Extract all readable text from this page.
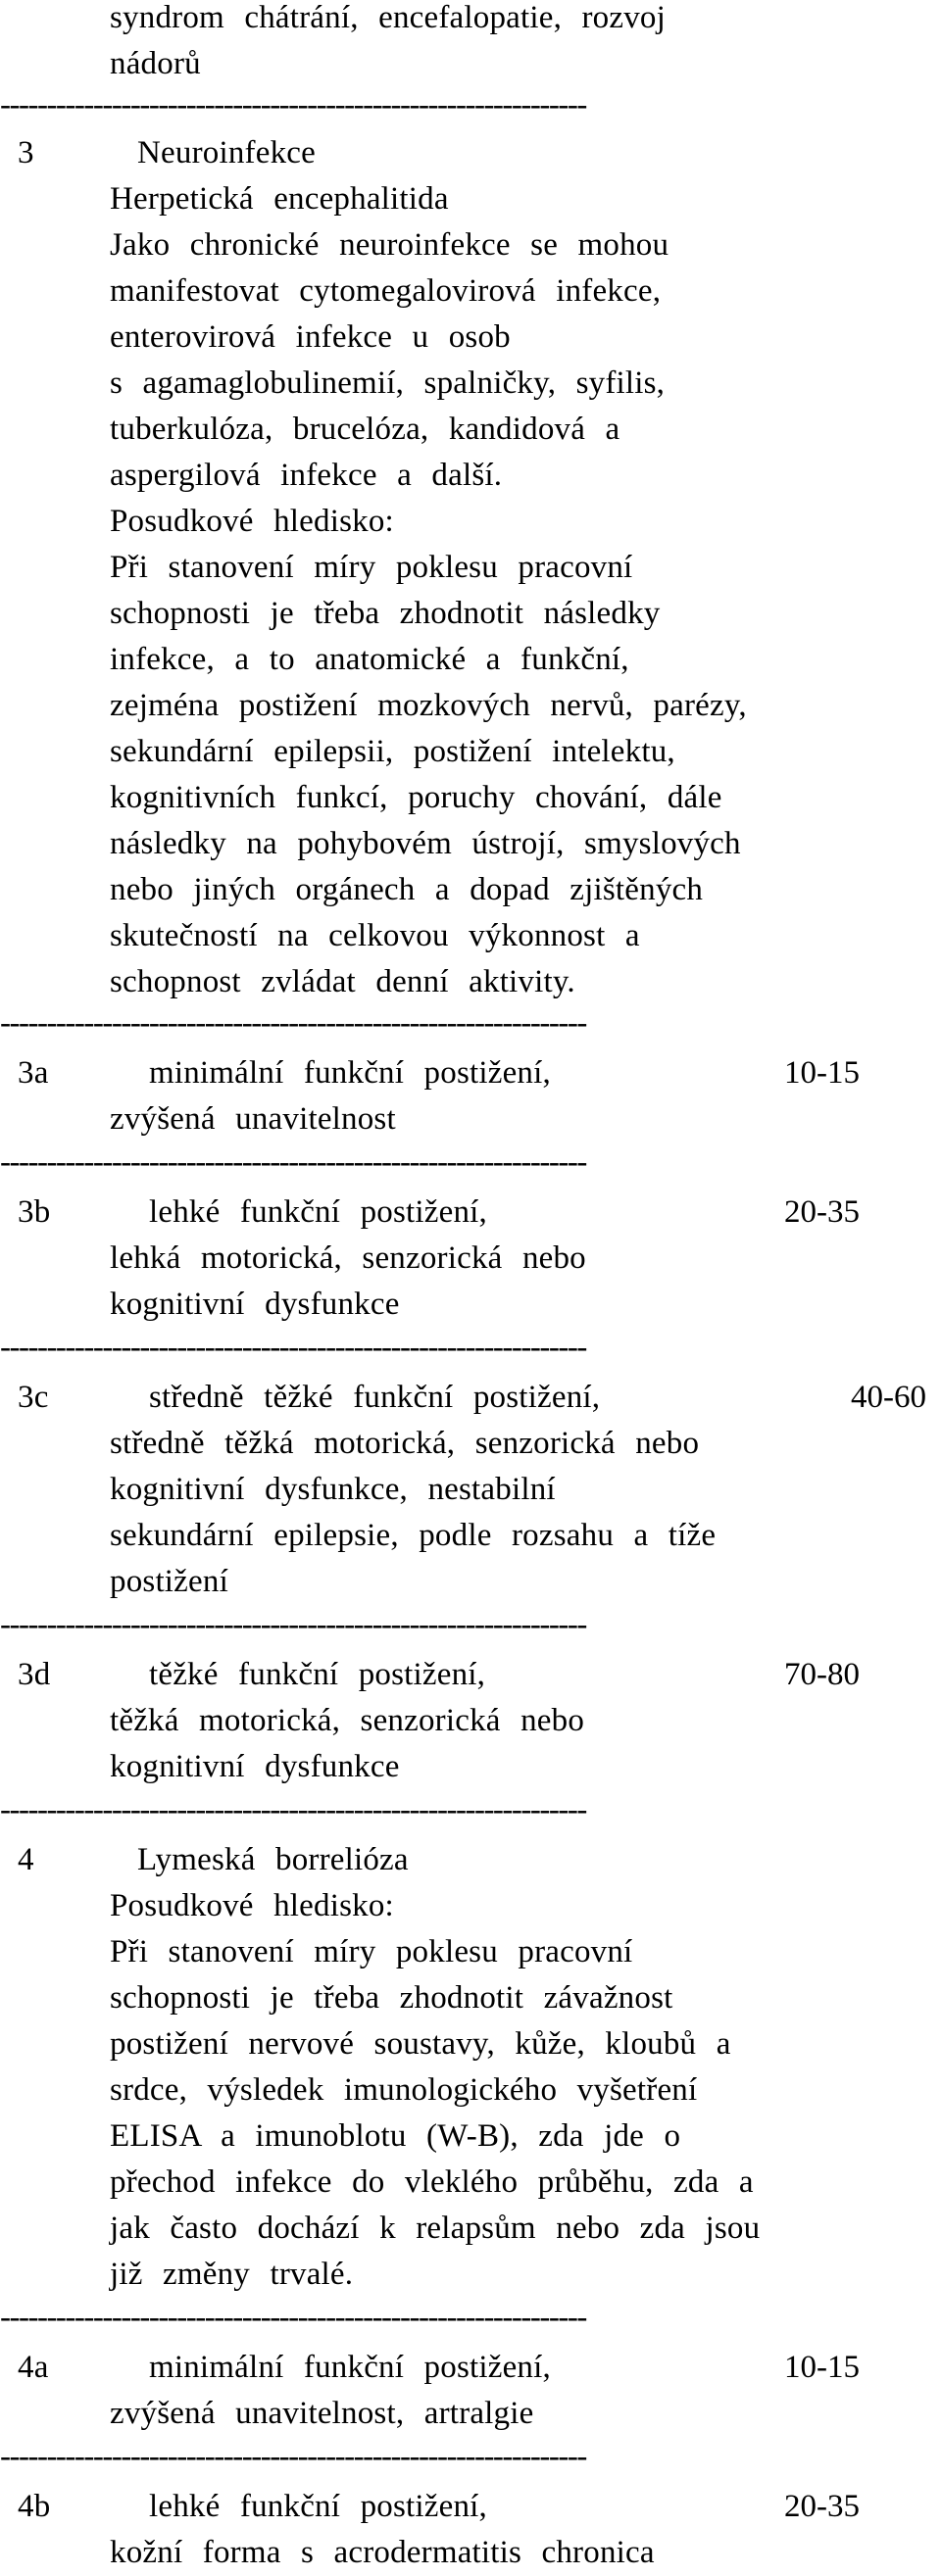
syndrom chátrání, encefalopatie, rozvoj
nádorů
---------------------------------------------------------------
3	Neuroinfekce
Herpetická encephalitida
Jako chronické neuroinfekce se mohou
manifestovat cytomegalovirová infekce,
enterovirová infekce u osob
s agamaglobulinemií, spalničky, syfilis,
tuberkulóza, brucelóza, kandidová a
aspergilová infekce a další.
Posudkové hledisko:
Při stanovení míry poklesu pracovní
schopnosti je třeba zhodnotit následky
infekce, a to anatomické a funkční,
zejména postižení mozkových nervů, parézy,
sekundární epilepsii, postižení intelektu,
kognitivních funkcí, poruchy chování, dále
následky na pohybovém ústrojí, smyslových
nebo jiných orgánech a dopad zjištěných
skutečností na celkovou výkonnost a
schopnost zvládat denní aktivity.
---------------------------------------------------------------
3a	minimální funkční postižení,	10-15
zvýšená unavitelnost
---------------------------------------------------------------
3b	lehké funkční postižení,	20-35
lehká motorická, senzorická nebo
kognitivní dysfunkce
---------------------------------------------------------------
3c	středně těžké funkční postižení,	40-60
středně těžká motorická, senzorická nebo
kognitivní dysfunkce, nestabilní
sekundární epilepsie, podle rozsahu a tíže
postižení
---------------------------------------------------------------
3d	těžké funkční postižení,	70-80
těžká motorická, senzorická nebo
kognitivní dysfunkce
---------------------------------------------------------------
4	Lymeská borrelióza
Posudkové hledisko:
Při stanovení míry poklesu pracovní
schopnosti je třeba zhodnotit závažnost
postižení nervové soustavy, kůže, kloubů a
srdce, výsledek imunologického vyšetření
ELISA a imunoblotu (W-B), zda jde o
přechod infekce do vleklého průběhu, zda a
jak často dochází k relapsům nebo zda jsou
již změny trvalé.
---------------------------------------------------------------
4a	minimální funkční postižení,	10-15
zvýšená unavitelnost, artralgie
---------------------------------------------------------------
4b	lehké funkční postižení,	20-35
kožní forma s acrodermatitis chronica
